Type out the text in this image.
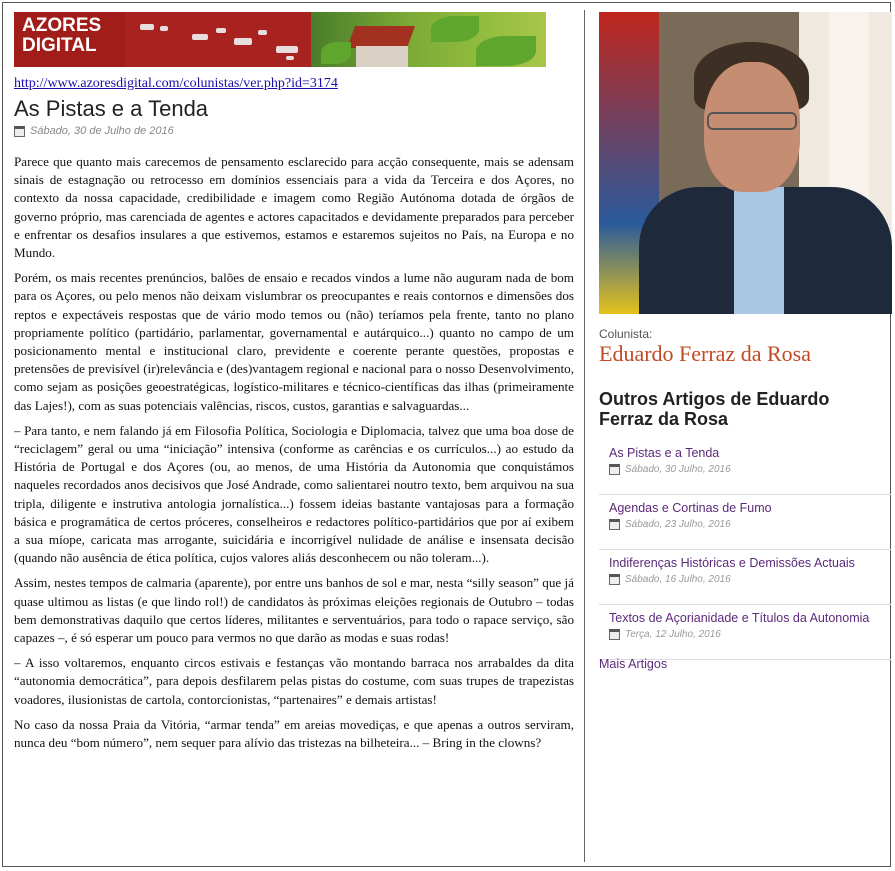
AZORES
DIGITAL
http://www.azoresdigital.com/colunistas/ver.php?id=3174
As Pistas e a Tenda
Sábado, 30 de Julho de 2016

Parece que quanto mais carecemos de pensamento esclarecido para acção consequente, mais se adensam sinais de estagnação ou retrocesso em domínios essenciais para a vida da Terceira e dos Açores, no contexto da nossa capacidade, credibilidade e imagem como Região Autónoma dotada de órgãos de governo próprio, mas carenciada de agentes e actores capacitados e devidamente preparados para perceber e enfrentar os desafios insulares a que estivemos, estamos e estaremos sujeitos no País, na Europa e no Mundo.

Porém, os mais recentes prenúncios, balões de ensaio e recados vindos a lume não auguram nada de bom para os Açores, ou pelo menos não deixam vislumbrar os preocupantes e reais contornos e dimensões dos reptos e expectáveis respostas que de vário modo temos ou (não) teríamos pela frente, tanto no plano propriamente político (partidário, parlamentar, governamental e autárquico...) quanto no campo de um posicionamento mental e institucional claro, previdente e coerente perante questões, propostas e pretensões de previsível (ir)relevância e (des)vantagem regional e nacional para o nosso Desenvolvimento, como sejam as posições geoestratégicas, logístico-militares e técnico-científicas das ilhas (primeiramente das Lajes!), com as suas potenciais valências, riscos, custos, garantias e salvaguardas...

– Para tanto, e nem falando já em Filosofia Política, Sociologia e Diplomacia, talvez que uma boa dose de “reciclagem” geral ou uma “iniciação” intensiva (conforme as carências e os currículos...) ao estudo da História de Portugal e dos Açores (ou, ao menos, de uma História da Autonomia que conquistámos naqueles recordados anos decisivos que José Andrade, como salientarei noutro texto, bem arquivou na sua tripla, diligente e instrutiva antologia jornalística...) fossem ideias bastante vantajosas para a formação básica e programática de certos próceres, conselheiros e redactores político-partidários que por aí exibem a sua míope, caricata mas arrogante, suicidária e incorrigível nulidade de análise e insensata decisão (quando não ausência de ética política, cujos valores aliás desconhecem ou não toleram...).

Assim, nestes tempos de calmaria (aparente), por entre uns banhos de sol e mar, nesta “silly season” que já quase ultimou as listas (e que lindo rol!) de candidatos às próximas eleições regionais de Outubro – todas bem demonstrativas daquilo que certos líderes, militantes e serventuários, para todo o rapace serviço, são capazes –, é só esperar um pouco para vermos no que darão as modas e suas rodas!

– A isso voltaremos, enquanto circos estivais e festanças vão montando barraca nos arrabaldes da dita “autonomia democrática”, para depois desfilarem pelas pistas do costume, com suas trupes de trapezistas voadores, ilusionistas de cartola, contorcionistas, “partenaires” e demais artistas!

No caso da nossa Praia da Vitória, “armar tenda” em areias movediças, e que apenas a outros serviram, nunca deu “bom número”, nem sequer para alívio das tristezas na bilheteira... – Bring in the clowns?

Colunista:
Eduardo Ferraz da Rosa
Outros Artigos de Eduardo Ferraz da Rosa
As Pistas e a Tenda
Sábado, 30 Julho, 2016
Agendas e Cortinas de Fumo
Sábado, 23 Julho, 2016
Indiferenças Históricas e Demissões Actuais
Sábado, 16 Julho, 2016
Textos de Açorianidade e Títulos da Autonomia
Terça, 12 Julho, 2016
Mais Artigos
